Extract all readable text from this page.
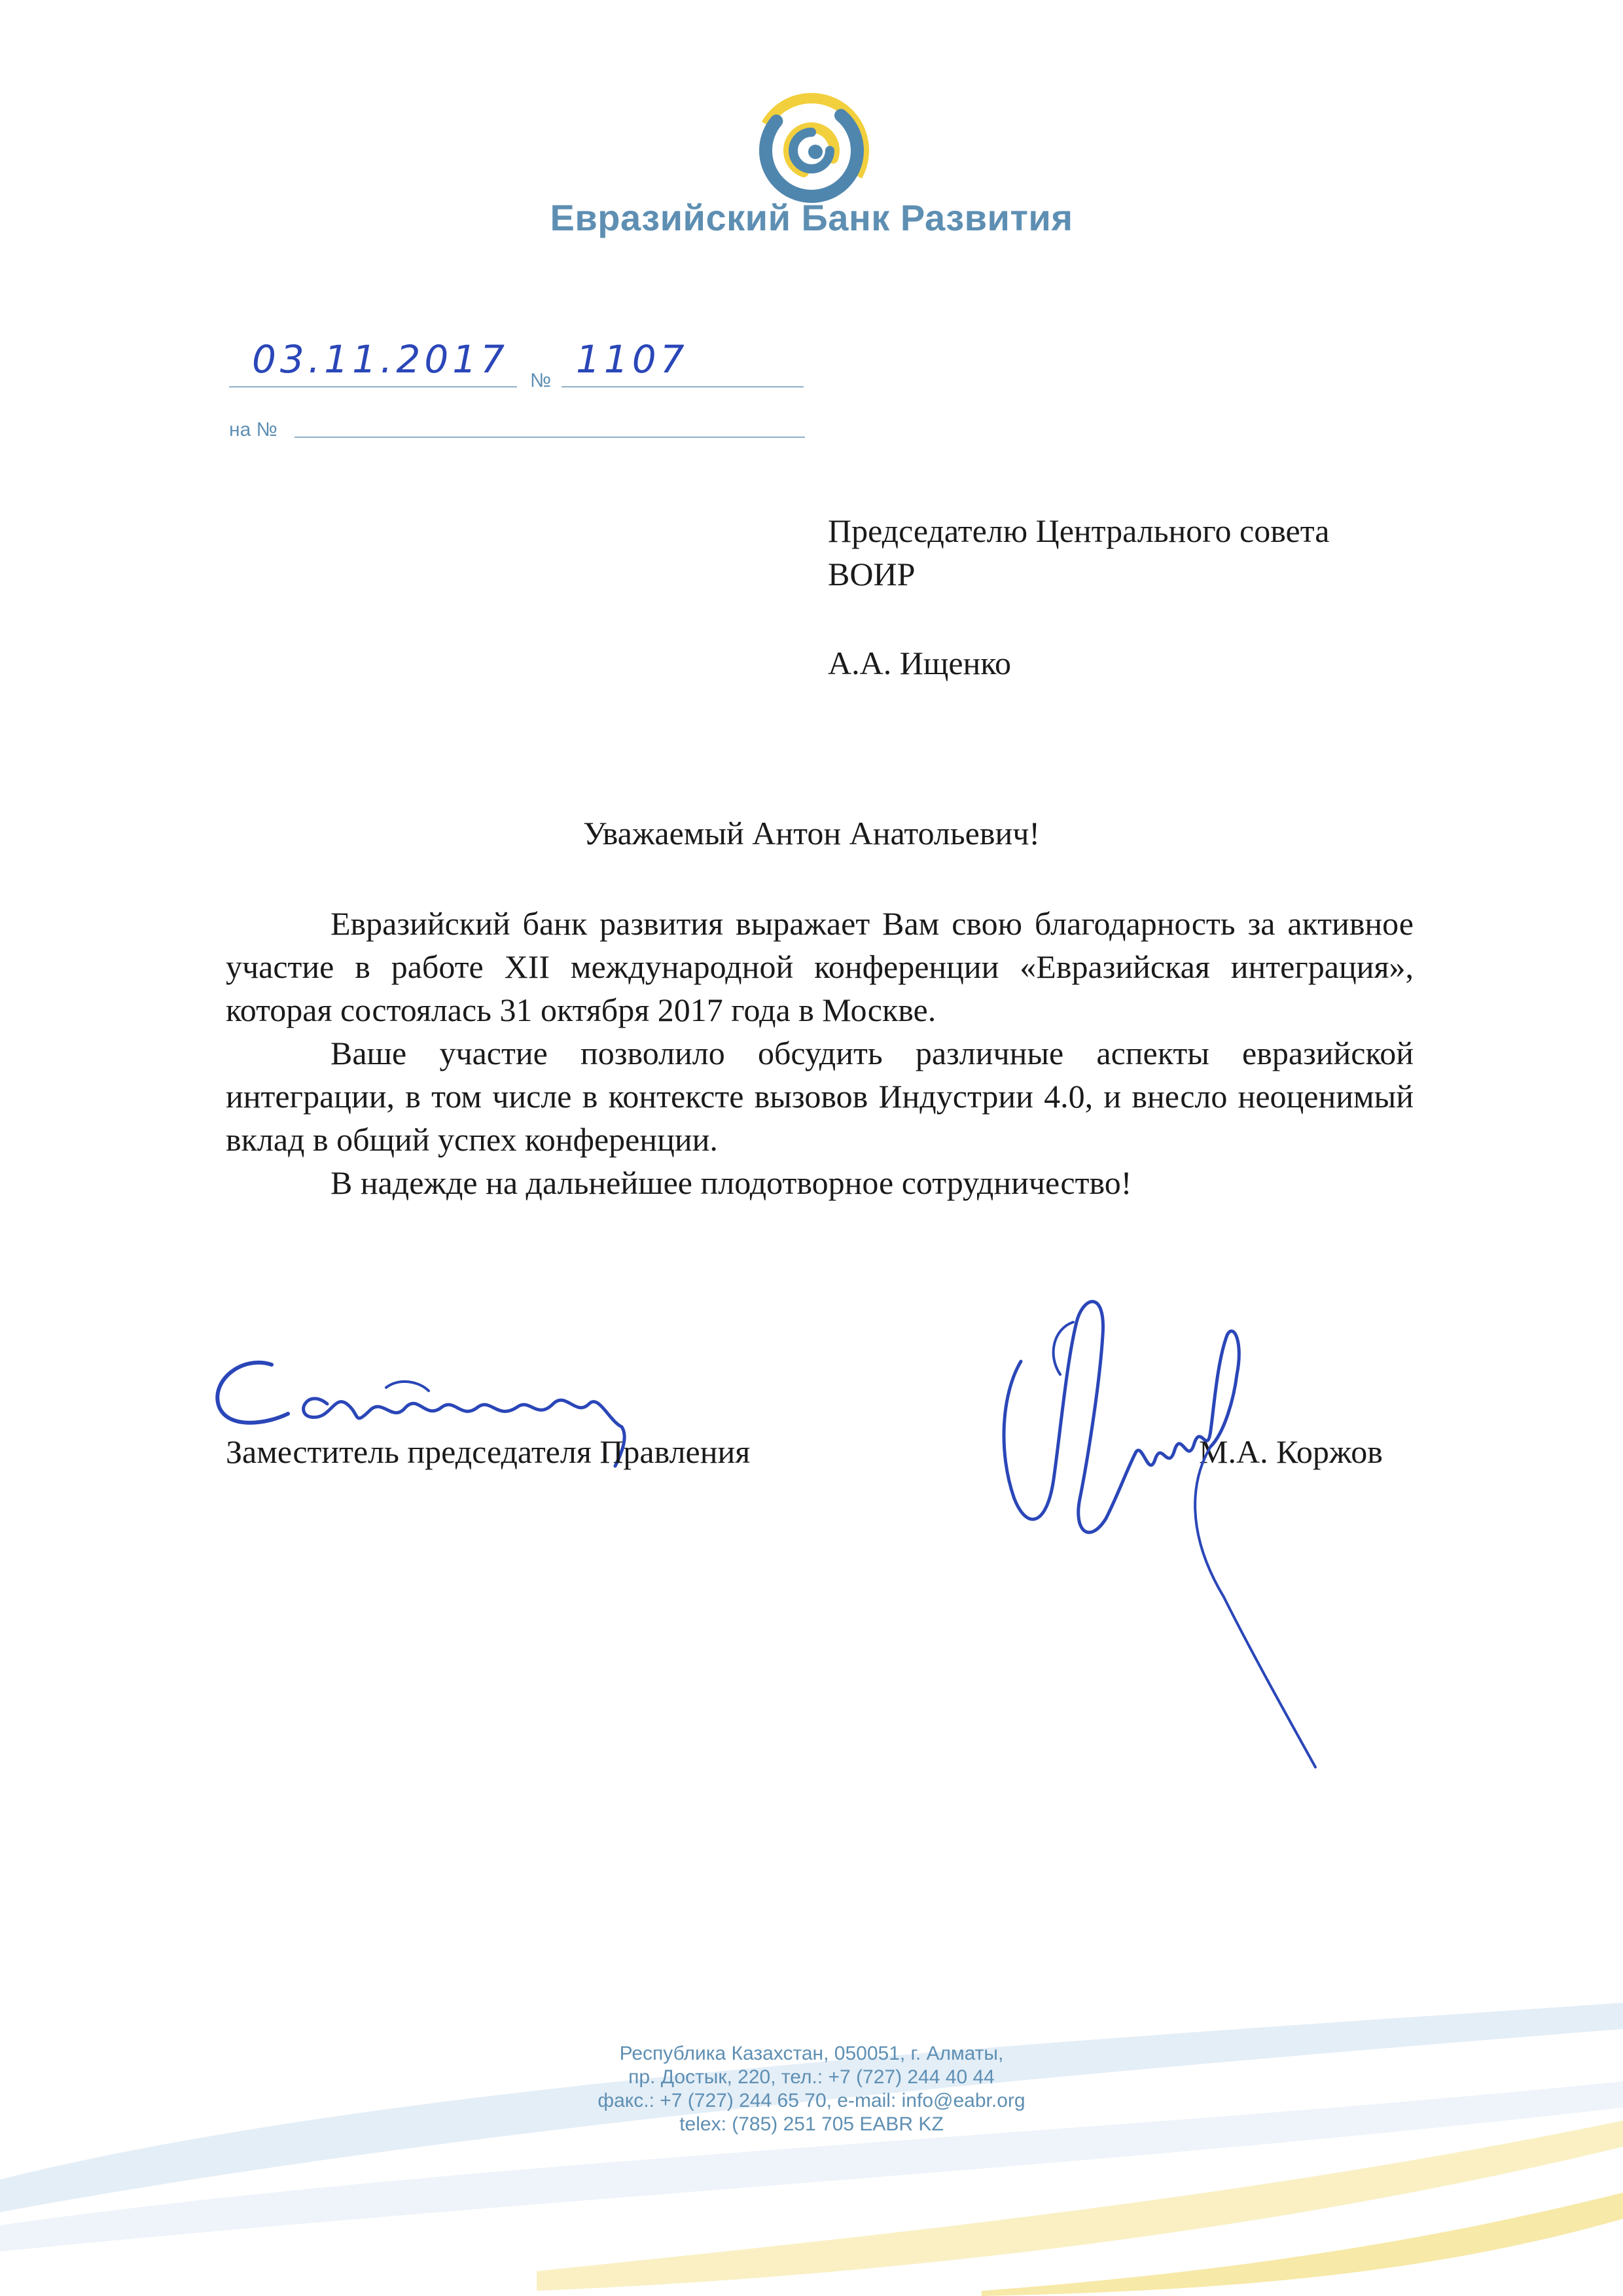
Евразийский Банк Развития
03.11.2017 № 1107
на №
Председателю Центрального совета
ВОИР
А.А. Ищенко
Уважаемый Антон Анатольевич!

Евразийский банк развития выражает Вам свою благодарность за активное участие в работе XII международной конференции «Евразийская интеграция», которая состоялась 31 октября 2017 года в Москве.

Ваше участие позволило обсудить различные аспекты евразийской интеграции, в том числе в контексте вызовов Индустрии 4.0, и внесло неоценимый вклад в общий успех конференции.

В надежде на дальнейшее плодотворное сотрудничество!

Заместитель председателя Правления	М.А. Коржов
Республика Казахстан, 050051, г. Алматы,
пр. Достык, 220, тел.: +7 (727) 244 40 44
факс.: +7 (727) 244 65 70, e-mail: info@eabr.org
telex: (785) 251 705 EABR KZ
